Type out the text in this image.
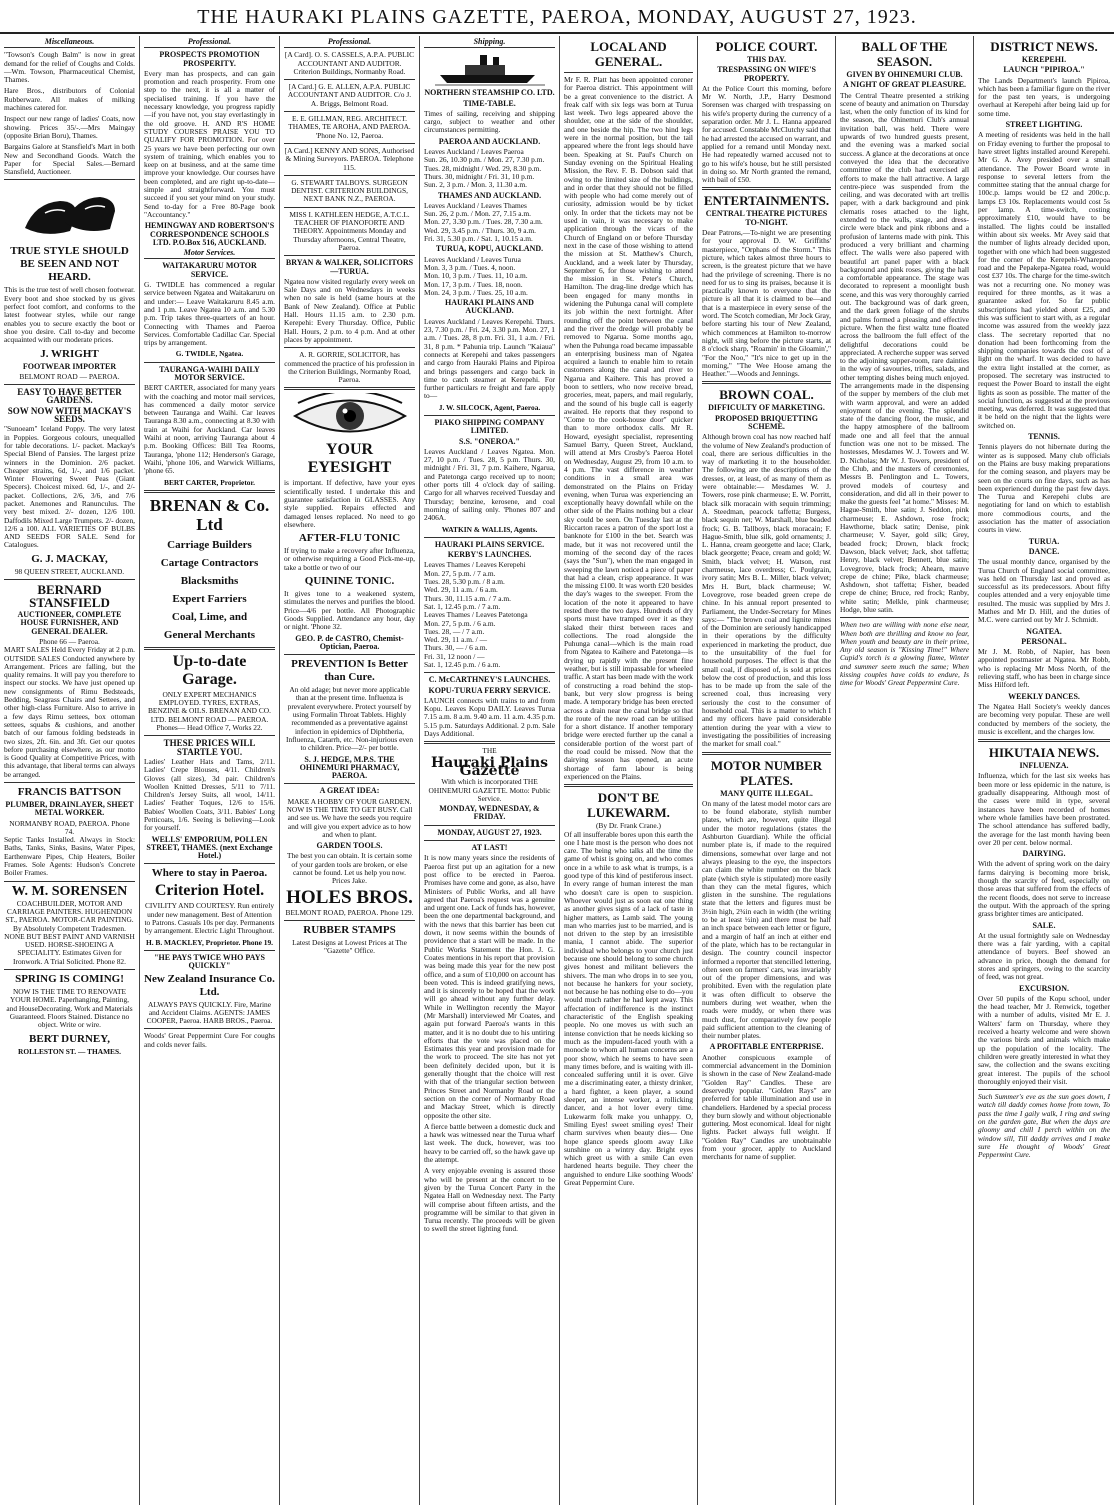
THE HAURAKI PLAINS GAZETTE, PAEROA, MONDAY, AUGUST 27, 1923.
Miscellaneous.

"Towson's Cough Balm" is now in great demand for the relief of Coughs and Colds.—Wm. Towson, Pharmaceutical Chemist, Thames.

Hare Bros., distributors of Colonial Rubberware. All makes of milking machines catered for.

Inspect our new range of ladies' Coats, now showing. Prices 35/-.—Mrs Maingay (opposite Brian Boru), Thames.

Bargains Galore at Stansfield's Mart in both New and Secondhand Goods. Watch the Paper for Special Sales.—Bernard Stansfield, Auctioneer.

TRUE STYLE SHOULD BE SEEN AND NOT HEARD.

This is the true test of well chosen footwear. Every boot and shoe stocked by us gives perfect foot comfort, and conforms to the latest footwear styles, while our range enables you to secure exactly the boot or shoe you desire. Call to-day and become acquainted with our moderate prices.

J. WRIGHT
FOOTWEAR IMPORTER
BELMONT ROAD — PAEROA.
EASY TO HAVE BETTER GARDENS.
SOW NOW WITH MACKAY'S SEEDS.

"Sunoeam" Iceland Poppy. The very latest in Poppies. Gorgeous colours, unequalled for table decorations. 1/- packet. Mackay's Special Blend of Pansies. The largest prize winners in the Dominion. 2/6 packet. Cheaper strains, 6d, 1/-, and 1/6 packet. Winter Flowering Sweet Peas (Giant Specers). Choicest mixed. 6d, 1/-, and 2/- packet. Collections, 2/6, 3/6, and 7/6 packet. Anemones and Ranunculus. The very best mixed. 2/- dozen, 12/6 100. Daffodils Mixed Large Trumpets. 2/- dozen, 12/6 a 100. ALL VARIETIES OF BULBS AND SEEDS FOR SALE. Send for Catalogues.

G. J. MACKAY,
98 QUEEN STREET, AUCKLAND.
BERNARD STANSFIELD
AUCTIONEER, COMPLETE HOUSE FURNISHER, AND GENERAL DEALER.
Phone 66 — Paeroa.

MART SALES Held Every Friday at 2 p.m. OUTSIDE SALES Conducted anywhere by Arrangement. Prices are falling, but the quality remains. It will pay you therefore to inspect our stocks. We have just opened up new consignments of Rimu Bedsteads, Bedding, Seagrass Chairs and Settees, and other high-class Furniture. Also to arrive in a few days Rimu settees, box ottoman settees, squabs & cushions, and another batch of our famous folding bedsteads in two sizes, 2ft. 6in. and 3ft. Get our quotes before purchasing elsewhere, as our motto is Good Quality at Competitive Prices, with this advantage, that liberal terms can always be arranged.

FRANCIS BATTSON
PLUMBER, DRAINLAYER, SHEET METAL WORKER.
NORMANBY ROAD, PAEROA. Phone 74.

Septic Tanks Installed. Always in Stock: Baths, Tanks, Sinks, Basins, Water Pipes, Earthenware Pipes, Chip Heaters, Boiler Frames. Sole Agents: Hudson's Concrete Boiler Frames.

W. M. SORENSEN

COACHBUILDER, MOTOR AND CARRIAGE PAINTERS. HUGHENDON ST., PAEROA. MOTOR-CAR PAINTING. By Absolutely Competent Tradesmen. NONE BUT BEST PAINT AND VARNISH USED. HORSE-SHOEING A SPECIALITY. Estimates Given for Ironwork. A Trial Solicited. Phone 82.

SPRING IS COMING!

NOW IS THE TIME TO RENOVATE YOUR HOME. Paperhanging, Painting, and HouseDecorating. Work and Materials Guaranteed. Floors Stained. Distance no object. Write or wire.

BERT DURNEY,
ROLLESTON ST. — THAMES.
Professional.
PROSPECTS PROMOTION PROSPERITY.

Every man has prospects, and can gain promotion and reach prosperity. From one step to the next, it is all a matter of specialised training. If you have the necessary knowledge, you progress rapidly—if you have not, you stay everlastingly in the old groove. H. AND R'S HOME STUDY COURSES PRAISE YOU TO QUALIFY FOR PROMOTION. For over 25 years we have been perfecting our own system of training, which enables you to keep on at business, and at the same time improve your knowledge. Our courses have been completed, and are right up-to-date—simple and straightforward. You must succeed if you set your mind on your study. Send to-day for a Free 80-Page book "Accountancy."

HEMINGWAY AND ROBERTSON'S CORRESPONDENCE SCHOOLS LTD. P.O.Box 516, AUCKLAND.
Motor Services.
WAITAKARURU MOTOR SERVICE.

G. TWIDLE has commenced a regular service between Ngatea and Waitakaruru on and under:— Leave Waitakaruru 8.45 a.m. and 1 p.m. Leave Ngatea 10 a.m. and 5.30 p.m. Trip takes three-quarters of an hour. Connecting with Thames and Paeroa Services. Comfortable Cadillac Car. Special trips by arrangement.

G. TWIDLE, Ngatea.
TAURANGA-WAIHI DAILY MOTOR SERVICE.

BERT CARTER, associated for many years with the coaching and motor mail services, has commenced a daily motor service between Tauranga and Waihi. Car leaves Tauranga 8.30 a.m., connecting at 8.30 with train at Waihi for Auckland. Car leaves Waihi at noon, arriving Tauranga about 4 p.m. Booking Offices: Bill Tea Rooms, Tauranga, 'phone 112; Henderson's Garage, Waihi, 'phone 106, and Warwick Williams, 'phone 65.

BERT CARTER, Proprietor.
BRENAN & Co. Ltd
Carriage Builders
Cartage Contractors
Blacksmiths
Expert Farriers
Coal, Lime, and
General Merchants
Up-to-date Garage.

ONLY EXPERT MECHANICS EMPLOYED. TYRES, EXTRAS, BENZINE & OILS. BRENAN AND CO. LTD. BELMONT ROAD — PAEROA. Phones— Head Office 7, Works 22.

THESE PRICES WILL STARTLE YOU.

Ladies' Leather Hats and Tams, 2/11. Ladies' Crepe Blouses, 4/11. Children's Gloves (all sizes), 3d pair. Children's Woollen Knitted Dresses, 5/11 to 7/11. Children's Jersey Suits, all wool, 14/11. Ladies' Feather Toques, 12/6 to 15/6. Babies' Woollen Coats, 3/11. Babies' Long Petticoats, 1/6. Seeing is believing—Look for yourself.

WELLS' EMPORIUM, POLLEN STREET, THAMES. (next Exchange Hotel.)
Where to stay in Paeroa.
Criterion Hotel.

CIVILITY AND COURTESY. Run entirely under new management. Best of Attention to Patrons. Casuals 10s per day. Permanents by arrangement. Electric Light Throughout.

H. B. MACKLEY, Proprietor. Phone 19.
"HE PAYS TWICE WHO PAYS QUICKLY"
New Zealand Insurance Co. Ltd.

ALWAYS PAYS QUICKLY. Fire, Marine and Accident Claims. AGENTS: JAMES COOPER, Paeroa. HARB BROS., Paeroa.

Woods' Great Peppermint Cure For coughs and colds never fails.

Professional.

[A Card]. O. S. CASSELS, A.P.A. PUBLIC ACCOUNTANT AND AUDITOR. Criterion Buildings, Normanby Road.

[A Card.] G. E. ALLEN, A.P.A. PUBLIC ACCOUNTANT AND AUDITOR. C/o J. A. Briggs, Belmont Road.

E. E. GILLMAN, REG. ARCHITECT. THAMES, TE AROHA, AND PAEROA. 'Phone No. 12, Paeroa.

[A Card.] KENNY AND SONS, Authorised & Mining Surveyors. PAEROA. Telephone 115.

G. STEWART TALBOYS. SURGEON DENTIST. CRITERION BUILDINGS, NEXT BANK N.Z., PAEROA.

MISS I. KATHLEEN HEDGE, A.T.C.L. TEACHER OF PIANOFORTE AND THEORY. Appointments Monday and Thursday afternoons, Central Theatre, Paeroa.

BRYAN & WALKER, SOLICITORS—TURUA.

Ngatea now visited regularly every week on Sale Days and on Wednesdays in weeks when no sale is held (same hours at the Bank of New Zealand). Office at Public Hall. Hours 11.15 a.m. to 2.30 p.m. Kerepehi: Every Thursday. Office, Public Hall. Hours, 2 p.m. to 4 p.m. And at other places by appointment.

A. R. GORRIE, SOLICITOR, has commenced the practice of his profession in the Criterion Buildings, Normanby Road, Paeroa.

YOUR EYESIGHT

is important. If defective, have your eyes scientifically tested. I undertake this and guarantee satisfaction in GLASSES. Any style supplied. Repairs effected and damaged lenses replaced. No need to go elsewhere.

AFTER-FLU TONIC

If trying to make a recovery after Influenza, or otherwise requiring a Good Pick-me-up, take a bottle or two of our

QUININE TONIC.

It gives tone to a weakened system, stimulates the nerves and purifies the blood. Price—4/6 per bottle. All Photographic Goods Supplied. Attendance any hour, day or night. 'Phone 32.

GEO. P. de CASTRO, Chemist-Optician, Paeroa.
PREVENTION Is Better than Cure.

An old adage; but never more applicable than at the present time. Influenza is prevalent everywhere. Protect yourself by using Formalin Throat Tablets. Highly recommended as a preventative against infection in epidemics of Diphtheria, Influenza, Catarrh, etc. Non-injurious even to children. Price—2/- per bottle.

S. J. HEDGE, M.P.S. THE OHINEMURI PHARMACY, PAEROA.
A GREAT IDEA:

MAKE A HOBBY OF YOUR GARDEN. NOW IS THE TIME TO GET BUSY. Call and see us. We have the seeds you require and will give you expert advice as to how and when to plant.

GARDEN TOOLS.

The best you can obtain. It is certain some of your garden tools are broken, or else cannot be found. Let us help you now. Prices Jake.

HOLES BROS.
BELMONT ROAD, PAEROA. Phone 129.
RUBBER STAMPS

Latest Designs at Lowest Prices at The "Gazette" Office.

Shipping.
NORTHERN STEAMSHIP CO. LTD.
TIME-TABLE.

Times of sailing, receiving and shipping cargo, subject to weather and other circumstances permitting.

PAEROA AND AUCKLAND.
Leaves Auckland / Leaves Paeroa
Sun. 26, 10.30 p.m. / Mon. 27, 7.30 p.m.
Tues. 28, midnight / Wed. 29, 8.30 p.m.
Thurs. 30, midnight / Fri. 31, 10 p.m.
Sun. 2, 3 p.m. / Mon. 3, 11.30 a.m.
THAMES AND AUCKLAND.
Leaves Auckland / Leaves Thames
Sun. 26, 2 p.m. / Mon. 27, 7.15 a.m.
Mon. 27, 3.30 p.m. / Tues. 28, 7.30 a.m.
Wed. 29, 3.45 p.m. / Thurs. 30, 9 a.m.
Fri. 31, 5.30 p.m. / Sat. 1, 10.15 a.m.
TURUA, KOPU, AUCKLAND.
Leaves Auckland / Leaves Turua
Mon. 3, 3 p.m. / Tues. 4, noon.
Mon. 10, 3 p.m. / Tues. 11, 10 a.m.
Mon. 17, 3 p.m. / Tues. 18, noon.
Mon. 24, 3 p.m. / Tues. 25, 10 a.m.
HAURAKI PLAINS AND AUCKLAND.

Leaves Auckland / Leaves Kerepehi. Thurs. 23, 7.30 p.m. / Fri. 24, 3.30 p.m. Mon. 27, 1 a.m. / Tues. 28, 8 p.m. Fri. 31, 1 a.m. / Fri. 31, 8 p.m. * Pahunia trip. Launch "Kaiaua" connects at Kerepehi and takes passengers and cargo from Hauraki Plains and Pipiroa and brings passengers and cargo back in time to catch steamer at Kerepehi. For further particulars re freight and fare apply to—

J. W. SILCOCK, Agent, Paeroa.
PIAKO SHIPPING COMPANY LIMITED.
S.S. "ONEROA."

Leaves Auckland / Leaves Ngatea. Mon. 27, 10 p.m. / Tues. 28, 5 p.m. Thurs. 30, midnight / Fri. 31, 7 p.m. Kaihere, Ngarua, and Patetonga cargo received up to noon; other ports till 4 o'clock day of sailing. Cargo for all wharves received Tuesday and Thursday; benzine, kerosene, and coal morning of sailing only. 'Phones 807 and 2406A.

WATKIN & WALLIS, Agents.
HAURAKI PLAINS SERVICE.
KERBY'S LAUNCHES.
Leaves Thames / Leaves Kerepehi
Mon. 27, 5 p.m. / 7 a.m.
Tues. 28, 5.30 p.m. / 8 a.m.
Wed. 29, 11 a.m. / 6 a.m.
Thurs. 30, 11.15 a.m. / 7 a.m.
Sat. 1, 12.45 p.m. / 7 a.m.
Leaves Thames / Leaves Patetonga
Mon. 27, 5 p.m. / 6 a.m.
Tues. 28, — / 7 a.m.
Wed. 29, 11 a.m. / —
Thurs. 30, — / 6 a.m.
Fri. 31, 12 noon / —
Sat. 1, 12.45 p.m. / 6 a.m.
C. McCARTHNEY'S LAUNCHES.
KOPU-TURUA FERRY SERVICE.

LAUNCH connects with trains to and from Kopu. Leaves Kopu DAILY. Leaves Turua 7.15 a.m. 8 a.m. 9.40 a.m. 11 a.m. 4.35 p.m. 5.15 p.m. Saturdays Additional. 2 p.m. Sale Days Additional.

THE
Hauraki Plains Gazette
With which is incorporated THE OHINEMURI GAZETTE. Motto: Public Service.
MONDAY, WEDNESDAY, & FRIDAY.
MONDAY, AUGUST 27, 1923.
AT LAST!

It is now many years since the residents of Paeroa first put up an agitation for a new post office to be erected in Paeroa. Promises have come and gone, as also, have Ministers of Public Works, and all have agreed that Paeroa's request was a genuine and urgent one. Lack of funds has, however, been the one departmental background, and with the news that this barrier has been cut down, it now seems within the bounds of providence that a start will be made. In the Public Works Statement the Hon. J. G. Coates mentions in his report that provision was being made this year for the new post office, and a sum of £10,000 on account has been voted. This is indeed gratifying news, and it is sincerely to be hoped that the work will go ahead without any further delay. While in Wellington recently the Mayor (Mr Marshall) interviewed Mr Coates, and again put forward Paeroa's wants in this matter, and it is no doubt due to his untiring efforts that the vote was placed on the Estimates this year and provision made for the work to proceed. The site has not yet been definitely decided upon, but it is generally thought that the choice will rest with that of the triangular section between Princes Street and Normanby Road or the section on the corner of Normanby Road and Mackay Street, which is directly opposite the other site.

A fierce battle between a domestic duck and a hawk was witnessed near the Turua wharf last week. The duck, however, was too heavy to be carried off, so the hawk gave up the attempt.

A very enjoyable evening is assured those who will be present at the concert to be given by the Turua Concert Party in the Ngatea Hall on Wednesday next. The Party will comprise about fifteen artists, and the programme will be similar to that given in Turua recently. The proceeds will be given to swell the street lighting fund.

LOCAL AND GENERAL.

Mr F. R. Platt has been appointed coroner for Paeroa district. This appointment will be a great convenience to the district. A freak calf with six legs was born at Turua last week. Two legs appeared above the shoulder, one at the side of the shoulder, and one beside the hip. The two hind legs were in the normal position, but the tail appeared where the front legs should have been. Speaking at St. Paul's Church on Sunday evening on the Spiritual Healing Mission, the Rev. F. B. Dobson said that owing to the limited size of the buildings, and in order that they should not be filled with people who had come merely out of curiosity, admission would be by ticket only. In order that the tickets may not be used in vain, it was necessary to make application through the vicars of the Church of England on or before Thursday next in the case of those wishing to attend the mission at St. Matthew's Church, Auckland, and a week later by Thursday, September 6, for those wishing to attend the mission in St. Peter's Church, Hamilton. The drag-line dredge which has been engaged for many months in widening the Puhunga canal will complete its job within the next fortnight. After rounding off the point between the canal and the river the dredge will probably be removed to Ngarua. Some months ago, when the Puhunga road became impassable an enterprising business man of Ngatea acquired a launch to enable him to retain customers along the canal and river to Ngarua and Kaihere. This has proved a boon to settlers, who now receive bread, groceries, meat, papers, and mail regularly, and the sound of his bugle call is eagerly awaited. He reports that they respond to "Come to the cook-house door" quicker than to more orthodox calls. Mr R. Howard, eyesight specialist, representing Samuel Barry, Queen Street, Auckland, will attend at Mrs Crosby's Paeroa Hotel on Wednesday, August 29, from 10 a.m. to 4 p.m. The vast difference in weather conditions in a small area was demonstrated on the Plains on Friday evening, when Turua was experiencing an exceptionally heavy downfall while on the other side of the Plains nothing but a clear sky could be seen. On Tuesday last at the Riccarton races a patron of the sport lost a banknote for £100 in the bet. Search was made, but it was not recovered until the morning of the second day of the races (says the "Sun"), when the man engaged in sweeping the lawn noticed a piece of paper that had a clean, crisp appearance. It was the missing £100. It was worth £20 besides the day's wages to the sweeper. From the location of the note it appeared to have rested there the two days. Hundreds of dry sports must have tramped over it as they slaked their thirst between races and collections. The road alongside the Puhunga canal—which is the main road from Ngatea to Kaihere and Patetonga—is drying up rapidly with the present fine weather, but is still impassable for wheeled traffic. A start has been made with the work of constructing a road behind the stop-bank, but very slow progress is being made. A temporary bridge has been erected across a drain near the canal bridge so that the route of the new road can be utilised for a short distance. If another temporary bridge were erected further up the canal a considerable portion of the worst part of the road could be missed. Now that the dairying season has opened, an acute shortage of farm labour is being experienced on the Plains.

DON'T BE LUKEWARM.
(By Dr. Frank Crane.)

Of all insufferable bores upon this earth the one I hate most is the person who does not care. The being who talks all the time the game of whist is going on, and who comes once in a while to ask what is trumps, is a good type of this kind of pestiferous insect. In every range of human interest the man who doesn't care is open to suspicion. Whoever would just as soon eat one thing as another gives signs of a lack of taste in higher matters, as Lamb said. The young man who marries just to be married, and is not driven to the step by an irresistible mania, I cannot abide. The superior individual who belongs to your church just because one should belong to some church gives honest and militant believers the shivers. The man who drops in to see you, not because he hankers for your society, not because he has nothing else to do—you would much rather he had kept away. This affectation of indifference is the instinct characteristic of the English speaking people. No one moves us with such an intense conviction that he needs kicking so much as the impudent-faced youth with a monocle to whom all human concerns are a poor show, which he seems to have seen many times before, and is waiting with ill-concealed suffering until it is over. Give me a discriminating eater, a thirsty drinker, a hard fighter, a keen player, a sound sleeper, an intense worker, a rollicking dancer, and a hot lover every time. Lukewarm folk make you unhappy. O, Smiling Eyes! sweet smiling eyes! Their charm survives when beauty dies— One hope glance speeds gloom away Like sunshine on a wintry day. Bright eyes which greet us with a smile Can even hardened hearts beguile. They cheer the anguished to endure Like soothing Woods' Great Peppermint Cure.

POLICE COURT.
THIS DAY.
TRESPASSING ON WIFE'S PROPERTY.

At the Police Court this morning, before Mr W. North, J.P., Harry Desmond Sorensen was charged with trespassing on his wife's property during the currency of a separation order. Mr J. L. Hanna appeared for accused. Constable McClutchy said that he had arrested the accused on warrant, and applied for a remand until Monday next. He had repeatedly warned accused not to go to his wife's house, but he still persisted in doing so. Mr North granted the remand, with bail of £50.

ENTERTAINMENTS.
CENTRAL THEATRE PICTURES TO-NIGHT.

Dear Patrons,—To-night we are presenting for your approval D. W. Griffiths' masterpiece, "Orphans of the Storm." This picture, which takes almost three hours to screen, is the greatest picture that we have had the privilege of screening. There is no need for us to sing its praises, because it is practically known to everyone that the picture is all that it is claimed to be—and that is a masterpiece in every sense of the word. The Scotch comedian, Mr Jock Gray, before starting his tour of New Zealand, which commences at Hamilton to-morrow night, will sing before the picture starts, at 8 o'clock sharp, "Roamin' in the Gloamin'," "For the Noo," "It's nice to get up in the morning," "The Wee Hoose amang the Heather."—Woods and Jennings.

BROWN COAL.
DIFFICULTY OF MARKETING.
PROPOSED BRIQUETTING SCHEME.

Although brown coal has now reached half the volume of New Zealand's production of coal, there are serious difficulties in the way of marketing it to the householder. The following are the descriptions of the dresses, or, at least, of as many of them as were obtainable:— Mesdames W. J. Towers, rose pink charmeuse; E. W. Porritt, black silk moracain with sequin trimming; A. Steedman, peacock taffetta; Burgess, black sequin net; W. Marshall, blue beaded frock; G. B. Tallboys, black moracain; F. Hague-Smith, blue silk, gold ornaments; J. L. Hanna, cream georgette and lace; Clark, black georgette; Peace, cream and gold; W. Smith, black velvet; H. Watson, rust charmeuse, lace overdress; C. Poulgrain, ivory satin; Mrs B. L. Miller, black velvet; Mrs H. Burt, black charmeuse; W. Lovegrove, rose beaded green crepe de chine. In his annual report presented to Parliament, the Under-Secretary for Mines says:— "The brown coal and lignite mines of the Dominion are seriously handicapped in their operations by the difficulty experienced in marketing the product, due to the unsuitability of the fuel for household purposes. The effect is that the small coal, if disposed of, is sold at prices below the cost of production, and this loss has to be made up from the sale of the screened coal, thus increasing very seriously the cost to the consumer of household coal. This is a matter to which I and my officers have paid considerable attention during the year with a view to investigating the possibilities of increasing the market for small coal."

MOTOR NUMBER PLATES.
MANY QUITE ILLEGAL.

On many of the latest model motor cars are to be found elaborate, stylish number plates, which are, however, quite illegal under the motor regulations (states the Ashburton Guardian). While the official number plate is, if made to the required dimensions, somewhat over large and not always pleasing to the eye, the inspectors can claim the white number on the black plate (which style is stipulated) more easily than they can the metal figures, which glisten in the sunshine. The regulations state that the letters and figures must be 3½in high, 2¾in each in width (the writing to be at least ½in) and there must be half an inch space between each letter or figure, and a margin of half an inch at either end of the plate, which has to be rectangular in design. The country council inspector informed a reporter that stencilled lettering, often seen on farmers' cars, was invariably out of the proper dimensions, and was prohibited. Even with the regulation plate it was often difficult to observe the numbers during wet weather, when the roads were muddy, or when there was much dust, for comparatively few people paid sufficient attention to the cleaning of their number plates.

A PROFITABLE ENTERPRISE.

Another conspicuous example of commercial advancement in the Dominion is shown in the case of New Zealand-made "Golden Ray" Candles. These are deservedly popular. "Golden Rays" are preferred for table illumination and use in chandeliers. Hardened by a special process they burn slowly and without objectionable guttering. Most economical. Ideal for night lights. Packet always full weight. If "Golden Ray" Candles are unobtainable from your grocer, apply to Auckland merchants for name of supplier.

BALL OF THE SEASON.
GIVEN BY OHINEMURI CLUB.
A NIGHT OF GREAT PLEASURE.

The Central Theatre presented a striking scene of beauty and animation on Thursday last, when the only function of its kind for the season, the Ohinemuri Club's annual invitation ball, was held. There were upwards of two hundred guests present, and the evening was a marked social success. A glance at the decorations at once conveyed the idea that the decorative committee of the club had exercised all efforts to make the hall attractive. A large centre-piece was suspended from the ceiling, and was decorated with art trellis paper, with a dark background and pink clematis roses attached to the light, extended to the walls, stage, and dress-circle were black and pink ribbons and a profusion of lanterns made with pink. This produced a very brilliant and charming effect. The walls were also papered with beautiful art panel paper with a black background and pink roses, giving the hall a comfortable appearance. The stage was decorated to represent a moonlight bush scene, and this was very thoroughly carried out. The background was of dark green, and the dark green foliage of the shrubs and palms formed a pleasing and effective picture. When the first waltz tune floated across the ballroom the full effect of the delightful decorations could be appreciated. A recherche supper was served to the adjoining supper-room, rare dainties in the way of savouries, trifles, salads, and other tempting dishes being much enjoyed. The arrangements made in the dispensing of the supper by members of the club met with warm approval, and were an added enjoyment of the evening. The splendid state of the dancing floor, the music, and the happy atmosphere of the ballroom made one and all feel that the annual function was one not to be missed. The hostesses, Mesdames W. J. Towers and W. D. Nicholas; Mr W. J. Towers, president of the Club, and the masters of ceremonies, Messrs B. Penlington and L. Towers, proved models of courtesy and consideration, and did all in their power to make the guests feel "at home." Misses: M. Hague-Smith, blue satin; J. Seddon, pink charmeuse; E. Ashdown, rose frock; Hawthorne, black satin; Denise, pink charmeuse; V. Sayer, gold silk; Grey, beaded frock; Drown, black frock; Dawson, black velvet; Jack, shot taffetta; Henry, black velvet; Bennett, blue satin; Lovegrove, black frock; Ahearn, mauve crepe de chine; Pike, black charmeuse; Ashdown, shot taffetta; Fisher, beaded crepe de chine; Bruce, red frock; Ranby, white satin; Melkle, pink charmeuse; Hodge, blue satin.

When two are willing with none else near, When both are thrilling and know no fear, When youth and beauty are in their prime, Any old season is "Kissing Time!" Where Cupid's torch is a glowing flame, Winter and summer seem much the same; When kissing couples have colds to endure, Is time for Woods' Great Peppermint Cure.

DISTRICT NEWS.
KEREPEHI.
LAUNCH "PIPIROA."

The Lands Department's launch Pipiroa, which has been a familiar figure on the river for the past ten years, is undergoing overhaul at Kerepehi after being laid up for some time.

STREET LIGHTING.

A meeting of residents was held in the hall on Friday evening to further the proposal to have street lights installed around Kerepehi. Mr G. A. Avey presided over a small attendance. The Power Board wrote in response to several letters from the committee stating that the annual charge for 100c.p. lamps would be £2 and 200c.p. lamps £3 10s. Replacements would cost 5s per lamp. A time-switch, costing approximately £10, would have to be installed. The lights could be installed within about six weeks. Mr Avey said that the number of lights already decided upon, together with one which had been suggested for the corner of the Kerepehi-Wharepoa road and the Pepakepa-Ngatea road, would cost £37 10s. The charge for the time-switch was not a recurring one. No money was required for three months, as it was a guarantee asked for. So far public subscriptions had yielded about £25, and this was sufficient to start with, as a regular income was assured from the weekly jazz class. The secretary reported that no donation had been forthcoming from the shipping companies towards the cost of a light on the wharf. It was decided to have the extra light installed at the corner, as proposed. The secretary was instructed to request the Power Board to install the eight lights as soon as possible. The matter of the social function, as suggested at the previous meeting, was deferred. It was suggested that it be held on the night that the lights were switched on.

TENNIS.

Tennis players do not hibernate during the winter as is supposed. Many club officials on the Plains are busy making preparations for the coming season, and players may be seen on the courts on fine days, such as has been experienced during the past few days. The Turua and Kerepehi clubs are negotiating for land on which to establish more commodious courts, and the association has the matter of association courts in view.

TURUA.
DANCE.

The usual monthly dance, organised by the Turua Church of England social committee, was held on Thursday last and proved as successful as its predecessors. About fifty couples attended and a very enjoyable time resulted. The music was supplied by Mrs J. Mathes and Mr D. Hill, and the duties of M.C. were carried out by Mr J. Schmidt.

NGATEA.
PERSONAL.

Mr J. M. Robb, of Napier, has been appointed postmaster at Ngatea. Mr Robb, who is replacing Mr Moss North, of the relieving staff, who has been in charge since Miss Hilford left.

WEEKLY DANCES.

The Ngatea Hall Society's weekly dances are becoming very popular. These are well conducted by members of the society, the music is excellent, and the charges low.

HIKUTAIA NEWS.
INFLUENZA.

Influenza, which for the last six weeks has been more or less epidemic in the nature, is gradually disappearing. Although most of the cases were mild in type, several instances have been recorded of homes where whole families have been prostrated. The school attendance has suffered badly, the average for the last month having been over 20 per cent. below normal.

DAIRYING.

With the advent of spring work on the dairy farms dairying is becoming more brisk, though the scarcity of feed, especially on those areas that suffered from the effects of the recent floods, does not serve to increase the output. With the approach of the spring grass brighter times are anticipated.

SALE.

At the usual fortnightly sale on Wednesday there was a fair yarding, with a capital attendance of buyers. Beef showed an advance in price, though the demand for stores and springers, owing to the scarcity of feed, was not great.

EXCURSION.

Over 50 pupils of the Kopu school, under the head teacher, Mr J. Renwick, together with a number of adults, visited Mr E. J. Walters' farm on Thursday, where they received a hearty welcome and were shown the various birds and animals which make up the population of the locality. The children were greatly interested in what they saw, the collection and the swans exciting great interest. The pupils of the school thoroughly enjoyed their visit.

Such Summer's eve as the sun goes down, I watch till daddy comes home from town, To pass the time I gaily walk, I ring and swing on the garden gate, But when the days are gloomy and chill I perch within on the window sill, Till daddy arrives and I make sure He thought of Woods' Great Peppermint Cure.
